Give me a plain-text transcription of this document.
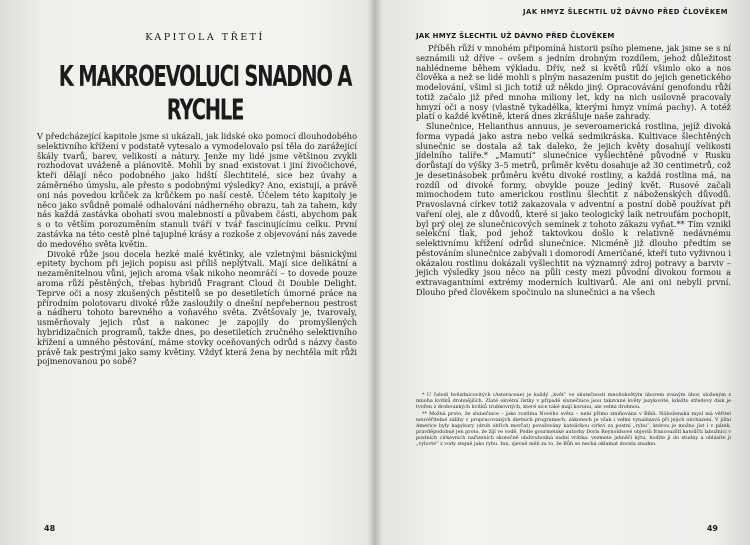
KAPITOLA TŘETÍ
K MAKROEVOLUCI SNADNO A RYCHLE

V předcházející kapitole jsme si ukázali, jak lidské oko pomocí dlouhodobého selektivního křížení v podstatě vytesalo a vymodelovalo psí těla do zarážející škály tvarů, barev, velikostí a nátury. Jenže my lidé jsme většinou zvykli rozhodovat uváženě a plánovitě. Mohli by snad existovat i jiní živočichové, kteří dělají něco podobného jako lidští šlechtitelé, sice bez úvahy a záměrného úmyslu, ale přesto s podobnými výsledky? Ano, existují, a právě oni nás povedou krůček za krůčkem po naší cestě. Účelem této kapitoly je něco jako svůdně pomalé odhalování nádherného obrazu, tah za tahem, kdy nás každá zastávka obohatí svou malebností a půvabem části, abychom pak s o to větším porozuměním stanuli tváří v tvář fascinujícímu celku. První zastávka na této cestě plné tajuplné krásy a rozkoše z objevování nás zavede do medového světa květin.

Divoké růže jsou docela hezké malé květinky, ale vzletnými básnickými epitety bychom při jejich popisu asi příliš neplýtvali. Mají sice delikátní a nezaměnitelnou vůni, jejich aroma však nikoho neomráčí – to dovede pouze aroma růží pěstěných, třebas hybridů Fragrant Cloud či Double Delight. Teprve oči a nosy zkušených pěstitelů se po desetiletích úmorné práce na přírodním polotovaru divoké růže zasloužily o dnešní nepřebernou pestrost a nádheru tohoto barevného a voňavého světa. Zvětšovaly je, tvarovaly, usměrňovaly jejich růst a nakonec je zapojily do promyšlených hybridizačních programů, takže dnes, po desetiletích zručného selektivního křížení a umného pěstování, máme stovky oceňovaných odrůd s názvy často právě tak pestrými jako samy květiny. Vždyť která žena by nechtěla mít růži pojmenovanou po sobě?

48
JAK HMYZ ŠLECHTIL UŽ DÁVNO PŘED ČLOVĚKEM
JAK HMYZ ŠLECHTIL UŽ DÁVNO PŘED ČLOVĚKEM

Příběh růží v mnohém připomíná historii psího plemene, jak jsme se s ní seznámili už dříve – ovšem s jedním drobným rozdílem, jehož důležitost nahlédneme během výkladu. Dřív, než si květů růží všimlo oko a nos člověka a než se lidé mohli s plným nasazením pustit do jejich genetického modelování, všiml si jich totiž už někdo jiný. Opracovávání genofondu růží totiž začalo již před mnoha miliony let, kdy na nich usilovně pracovaly hmyzí oči a nosy (vlastně tykadélka, kterými hmyz vnímá pachy). A totéž platí o každé květině, která dnes zkrášluje naše zahrady.

Slunečnice, Helianthus annuus, je severoamerická rostlina, jejíž divoká forma vypadá jako astra nebo velká sedmikráska. Kultivace šlechtěných slunečnic se dostala až tak daleko, že jejich květy dosahují velikosti jídelního talíře.* „Mamutí“ slunečnice vyšlechtěné původně v Rusku dorůstají do výšky 3–5 metrů, průměr květu dosahuje až 30 centimetrů, což je desetinásobek průměru květu divoké rostliny, a každá rostlina má, na rozdíl od divoké formy, obvykle pouze jediný květ. Rusové začali mimochodem tuto americkou rostlinu šlechtit z náboženských důvodů. Pravoslavná církev totiž zakazovala v adventní a postní době používat při vaření olej, ale z důvodů, které si jako teologický laik netroufám pochopit, byl prý olej ze slunečnicových semínek z tohoto zákazu vyňat.** Tím vznikl selekční tlak, pod jehož taktovkou došlo k relativně nedávnému selektivnímu křížení odrůd slunečnice. Nicméně již dlouho předtím se pěstováním slunečnice zabývali i domorodí Američané, kteří tuto vyživnou i okázalou rostlinu dokázali vyšlechtit na významný zdroj potravy a barviv – jejich výsledky jsou něco na půli cesty mezi původní divokou formou a extravagantními extrémy moderních kultivarů. Ale ani oni nebyli první. Dlouho před člověkem spočinulo na slunečnici a na všech

* U čeledi hvězdnicovitých (Asteraceae) je každý „květ“ ve skutečnosti mnohokvětým úborem zvaným úbor, složeným z mnoha kvítků drobnějších. Zlaté okvětní lístky v případě slunečnice jsou takzvané květy jazykovité, kdežto středový disk je tvořen z drobounkých kvítků trubkovitých, které sice také mají korunu, ale velmi drobnou.

** Možná proto, že slunečnice – jako rostlina Nového světa – není přímo zmiňována v Bibli. Náboženská mysl má věřitel neuvěřitelné záliby v propracovaných dietních programech, zákonech je však i velmi vynalézavá při jejich obcházení. V jižní Americe byly kapybary (druh obřích morčat) považovány katolickou církví za postní „rybu“, ktérou je možno jíst i v pátek, pravděpodobně jen proto, že žijí ve vodě. Podle gourmetské autorky Doris Reynoldsové objevili francouzští katolíčtí labužníci v postních církevních nařízeních skutečně obdivuhodná zadní vrátka: vezmete jehněčí kýtu, hodíte ji do studny a ohlásíte ji „vylovte“ z vody stejně jako rybu. Inu, zjevně měli za to, že Bůh se nechá oklamat docela snadno.

49
